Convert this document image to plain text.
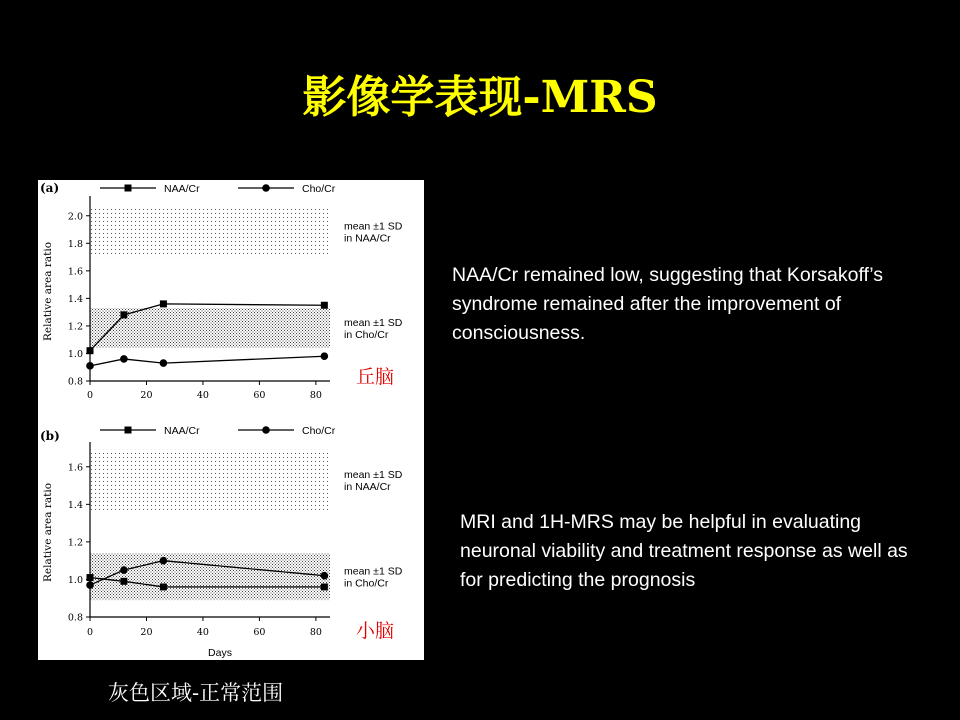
影像学表现-MRS
mean ±1 SD in NAA/Cr
mean ±1 SD in Cho/Cr
0.8
1.0
1.2
1.4
1.6
1.8
2.0
0	20	40	60	80
Relative area ratio
(a)	NAA/Cr	Cho/Cr
mean ±1 SD in NAA/Cr
mean ±1 SD in Cho/Cr
0.8
1.0
1.2
1.4
1.6
0	20	40	60	80
Relative area ratio
(b)
Days
NAA/Cr	Cho/Cr
丘脑
小脑

NAA/Cr remained low, suggesting that Korsakoff’s syndrome remained after the improvement of consciousness.

MRI and 1H-MRS may be helpful in evaluating neuronal viability and treatment response as well as for predicting the prognosis

灰色区域-正常范围
